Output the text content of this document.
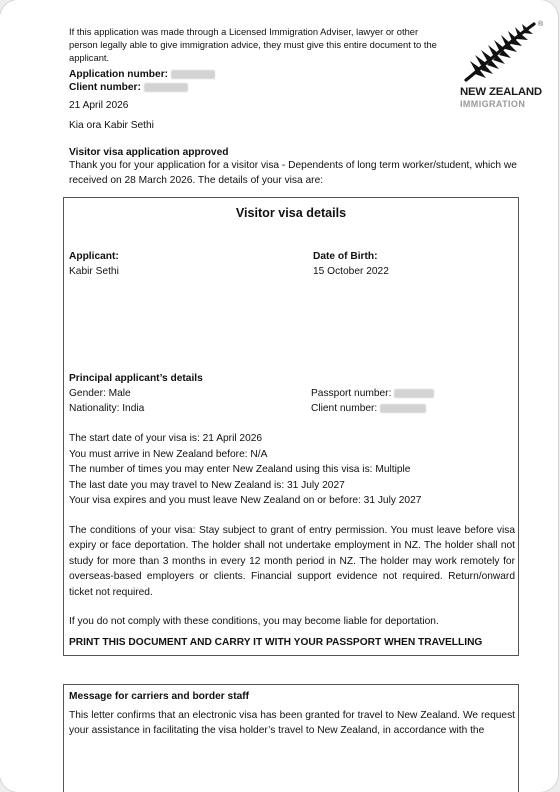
If this application was made through a Licensed Immigration Adviser, lawyer or other person legally able to give immigration advice, they must give this entire document to the applicant.
®
NEW ZEALAND
IMMIGRATION
Application number:
Client number:
21 April 2026
Kia ora Kabir Sethi
Visitor visa application approved
Thank you for your application for a visitor visa - Dependents of long term worker/student, which we received on 28 March 2026. The details of your visa are:
Visitor visa details
Applicant:
Kabir Sethi
Date of Birth:
15 October 2022
Principal applicant’s details
Gender: Male
Nationality: India
Passport number:
Client number:
The start date of your visa is: 21 April 2026
You must arrive in New Zealand before: N/A
The number of times you may enter New Zealand using this visa is: Multiple
The last date you may travel to New Zealand is: 31 July 2027
Your visa expires and you must leave New Zealand on or before: 31 July 2027
The conditions of your visa: Stay subject to grant of entry permission. You must leave before visa expiry or face deportation. The holder shall not undertake employment in NZ. The holder shall not study for more than 3 months in every 12 month period in NZ. The holder may work remotely for overseas-based employers or clients. Financial support evidence not required. Return/onward ticket not required.
If you do not comply with these conditions, you may become liable for deportation.
PRINT THIS DOCUMENT AND CARRY IT WITH YOUR PASSPORT WHEN TRAVELLING
Message for carriers and border staff
This letter confirms that an electronic visa has been granted for travel to New Zealand. We request your assistance in facilitating the visa holder’s travel to New Zealand, in accordance with the
